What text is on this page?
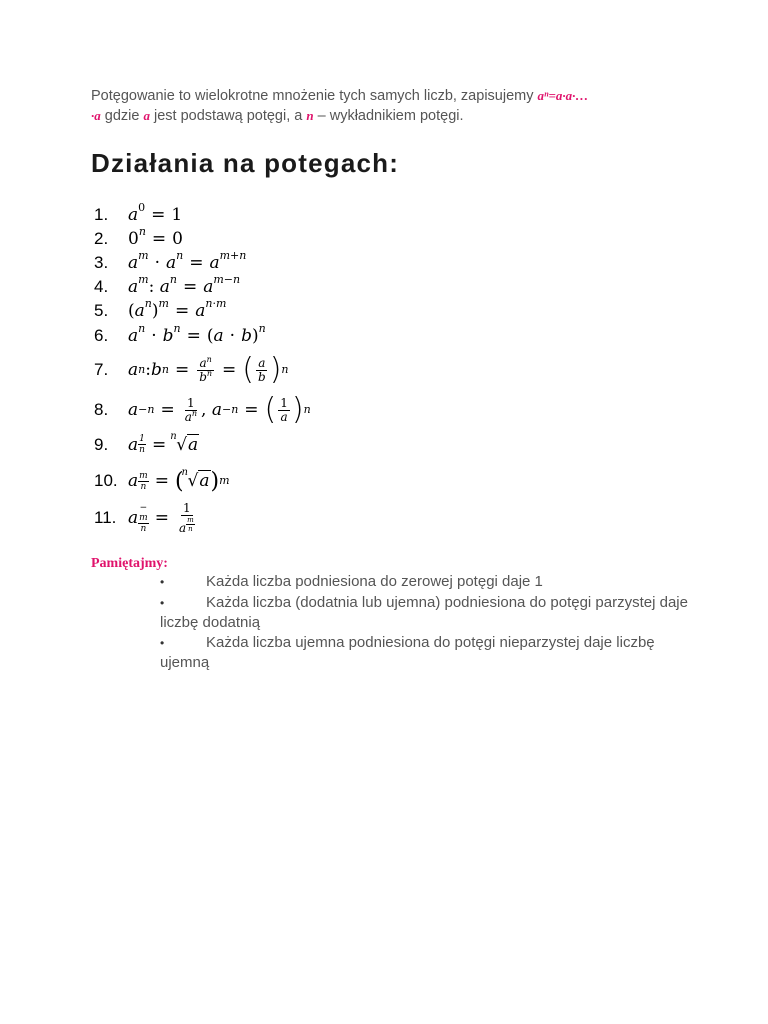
Potęgowanie to wielokrotne mnożenie tych samych liczb, zapisujemy aⁿ=a·a·…
·a gdzie a jest podstawą potęgi, a n – wykładnikiem potęgi.
Działania na potegach:
1.	$a^0 = 1$
2.	$0^n = 0$
3.	$a^m \cdot a^n = a^{m+n}$
4.	$a^m$: $a^n = a^{m-n}$
5.	$(a^n)^m = a^{n\cdot m}$
6.	$a^n \cdot b^n = (a \cdot b)^n$
7.	a n : b $n = \frac{a^n}{b^n}$ = ( $\frac{a}{b}$ ) n
8.	$a -n = \frac{1}{a^n}$ , a −n = ( $\frac{1}{a}$ ) n
9.	a $\frac{1}{n} = n$ √a
10. a $\frac{m}{n}$ = (
n √a ) m
11. a
−
m
n
= $\frac{1}{a \frac{m}{n}}$
Pamiętajmy:
•	Każda liczba podniesiona do zerowej potęgi daje 1
•	Każda liczba (dodatnia lub ujemna) podniesiona do potęgi parzystej daje liczbę dodatnią
•	Każda liczba ujemna podniesiona do potęgi nieparzystej daje liczbę ujemną
